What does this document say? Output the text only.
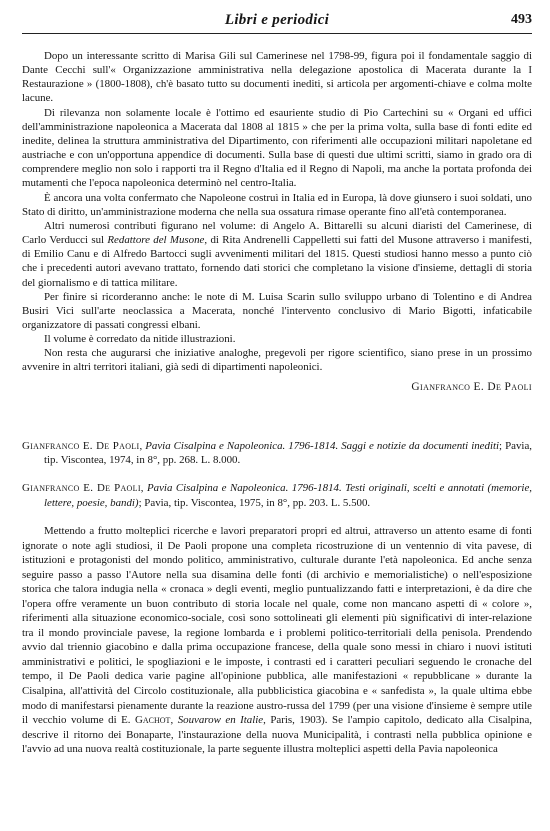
Libri e periodici	493

Dopo un interessante scritto di Marisa Gili sul Camerinese nel 1798-99, figura poi il fondamentale saggio di Dante Cecchi sull'« Organizzazione amministrativa nella delegazione apostolica di Macerata durante la I Restaurazione » (1800-1808), ch'è basato tutto su documenti inediti, si articola per argomenti-chiave e colma molte lacune.

Di rilevanza non solamente locale è l'ottimo ed esauriente studio di Pio Cartechini su « Organi ed uffici dell'amministrazione napoleonica a Macerata dal 1808 al 1815 » che per la prima volta, sulla base di fonti edite ed inedite, delinea la struttura amministrativa del Dipartimento, con riferimenti alle occupazioni militari napoletane ed austriache e con un'opportuna appendice di documenti. Sulla base di questi due ultimi scritti, siamo in grado ora di comprendere meglio non solo i rapporti tra il Regno d'Italia ed il Regno di Napoli, ma anche la portata profonda dei mutamenti che l'epoca napoleonica determinò nel centro-Italia.

È ancora una volta confermato che Napoleone costruì in Italia ed in Europa, là dove giunsero i suoi soldati, uno Stato di diritto, un'amministrazione moderna che nella sua ossatura rimase operante fino all'età contemporanea.

Altri numerosi contributi figurano nel volume: di Angelo A. Bittarelli su alcuni diaristi del Camerinese, di Carlo Verducci sul Redattore del Musone, di Rita Andrenelli Cappelletti sui fatti del Musone attraverso i manifesti, di Emilio Canu e di Alfredo Bartocci sugli avvenimenti militari del 1815. Questi studiosi hanno messo a punto ciò che i precedenti autori avevano trattato, fornendo dati storici che completano la visione d'insieme, dettagli di storia del giornalismo e di tattica militare.

Per finire si ricorderanno anche: le note di M. Luisa Scarin sullo sviluppo urbano di Tolentino e di Andrea Busiri Vici sull'arte neoclassica a Macerata, nonché l'intervento conclusivo di Mario Bigotti, infaticabile organizzatore di passati congressi elbani.

Il volume è corredato da nitide illustrazioni.

Non resta che augurarsi che iniziative analoghe, pregevoli per rigore scientifico, siano prese in un prossimo avvenire in altri territori italiani, già sedi di dipartimenti napoleonici.

Gianfranco E. De Paoli

Gianfranco E. De Paoli, Pavia Cisalpina e Napoleonica. 1796-1814. Saggi e notizie da documenti inediti; Pavia, tip. Viscontea, 1974, in 8°, pp. 268. L. 8.000.

Gianfranco E. De Paoli, Pavia Cisalpina e Napoleonica. 1796-1814. Testi originali, scelti e annotati (memorie, lettere, poesie, bandi); Pavia, tip. Viscontea, 1975, in 8°, pp. 203. L. 5.500.

Mettendo a frutto molteplici ricerche e lavori preparatori propri ed altrui, attraverso un attento esame di fonti ignorate o note agli studiosi, il De Paoli propone una completa ricostruzione di un ventennio di vita pavese, di istituzioni e protagonisti del mondo politico, amministrativo, culturale durante l'età napoleonica. Ed anche senza seguire passo a passo l'Autore nella sua disamina delle fonti (di archivio e memorialistiche) o nell'esposizione storica che talora indugia nella « cronaca » degli eventi, meglio puntualizzando fatti e interpretazioni, è da dire che l'opera offre veramente un buon contributo di storia locale nel quale, come non mancano aspetti di « colore », riferimenti alla situazione economico-sociale, così sono sottolineati gli elementi più significativi di inter-relazione tra il mondo provinciale pavese, la regione lombarda e i problemi politico-territoriali della penisola. Prendendo avvio dal triennio giacobino e dalla prima occupazione francese, della quale sono messi in chiaro i nuovi istituti amministrativi e politici, le spogliazioni e le imposte, i contrasti ed i caratteri peculiari seguendo le cronache del tempo, il De Paoli dedica varie pagine all'opinione pubblica, alle manifestazioni « repubblicane » durante la Cisalpina, all'attività del Circolo costituzionale, alla pubblicistica giacobina e « sanfedista », la quale ultima ebbe modo di manifestarsi pienamente durante la reazione austro-russa del 1799 (per una visione d'insieme è sempre utile il vecchio volume di E. Gachot, Souvarow en Italie, Paris, 1903). Se l'ampio capitolo, dedicato alla Cisalpina, descrive il ritorno dei Bonaparte, l'instaurazione della nuova Municipalità, i contrasti nella pubblica opinione e l'avvio ad una nuova realtà costituzionale, la parte seguente illustra molteplici aspetti della Pavia napoleonica
